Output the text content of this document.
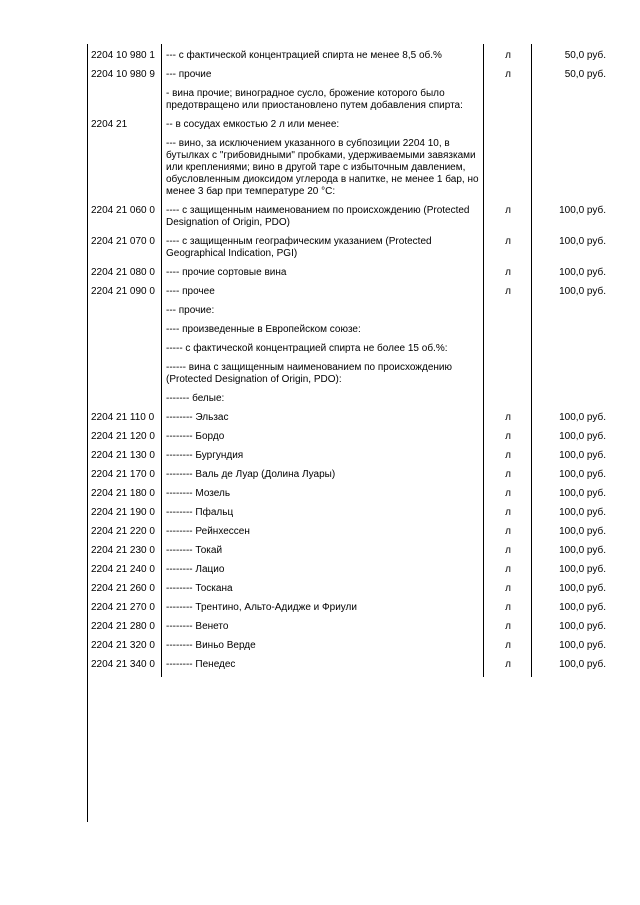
2204 10 980 1	--- с фактической концентрацией спирта не менее 8,5 об.%	л	50,0 руб.
2204 10 980 9	--- прочие	л	50,0 руб.
	- вина прочие; виноградное сусло, брожение которого было предотвращено или приостановлено путем добавления спирта:		
2204 21	-- в сосудах емкостью 2 л или менее:		
	--- вино, за исключением указанного в субпозиции 2204 10, в бутылках с "грибовидными" пробками, удерживаемыми завязками или креплениями; вино в другой таре с избыточным давлением, обусловленным диоксидом углерода в напитке, не менее 1 бар, но менее 3 бар при температуре 20 °С:		
2204 21 060 0	---- с защищенным наименованием по происхождению (Protected Designation of Origin, PDO)	л	100,0 руб.
2204 21 070 0	---- с защищенным географическим указанием (Protected Geographical Indication, PGI)	л	100,0 руб.
2204 21 080 0	---- прочие сортовые вина	л	100,0 руб.
2204 21 090 0	---- прочее	л	100,0 руб.
	--- прочие:		
	---- произведенные в Европейском союзе:		
	----- с фактической концентрацией спирта не более 15 об.%:		
	------ вина с защищенным наименованием по происхождению (Protected Designation of Origin, PDO):		
	------- белые:		
2204 21 110 0	-------- Эльзас	л	100,0 руб.
2204 21 120 0	-------- Бордо	л	100,0 руб.
2204 21 130 0	-------- Бургундия	л	100,0 руб.
2204 21 170 0	-------- Валь де Луар (Долина Луары)	л	100,0 руб.
2204 21 180 0	-------- Мозель	л	100,0 руб.
2204 21 190 0	-------- Пфальц	л	100,0 руб.
2204 21 220 0	-------- Рейнхессен	л	100,0 руб.
2204 21 230 0	-------- Токай	л	100,0 руб.
2204 21 240 0	-------- Лацио	л	100,0 руб.
2204 21 260 0	-------- Тоскана	л	100,0 руб.
2204 21 270 0	-------- Трентино, Альто-Адидже и Фриули	л	100,0 руб.
2204 21 280 0	-------- Венето	л	100,0 руб.
2204 21 320 0	-------- Виньо Верде	л	100,0 руб.
2204 21 340 0	-------- Пенедес	л	100,0 руб.
